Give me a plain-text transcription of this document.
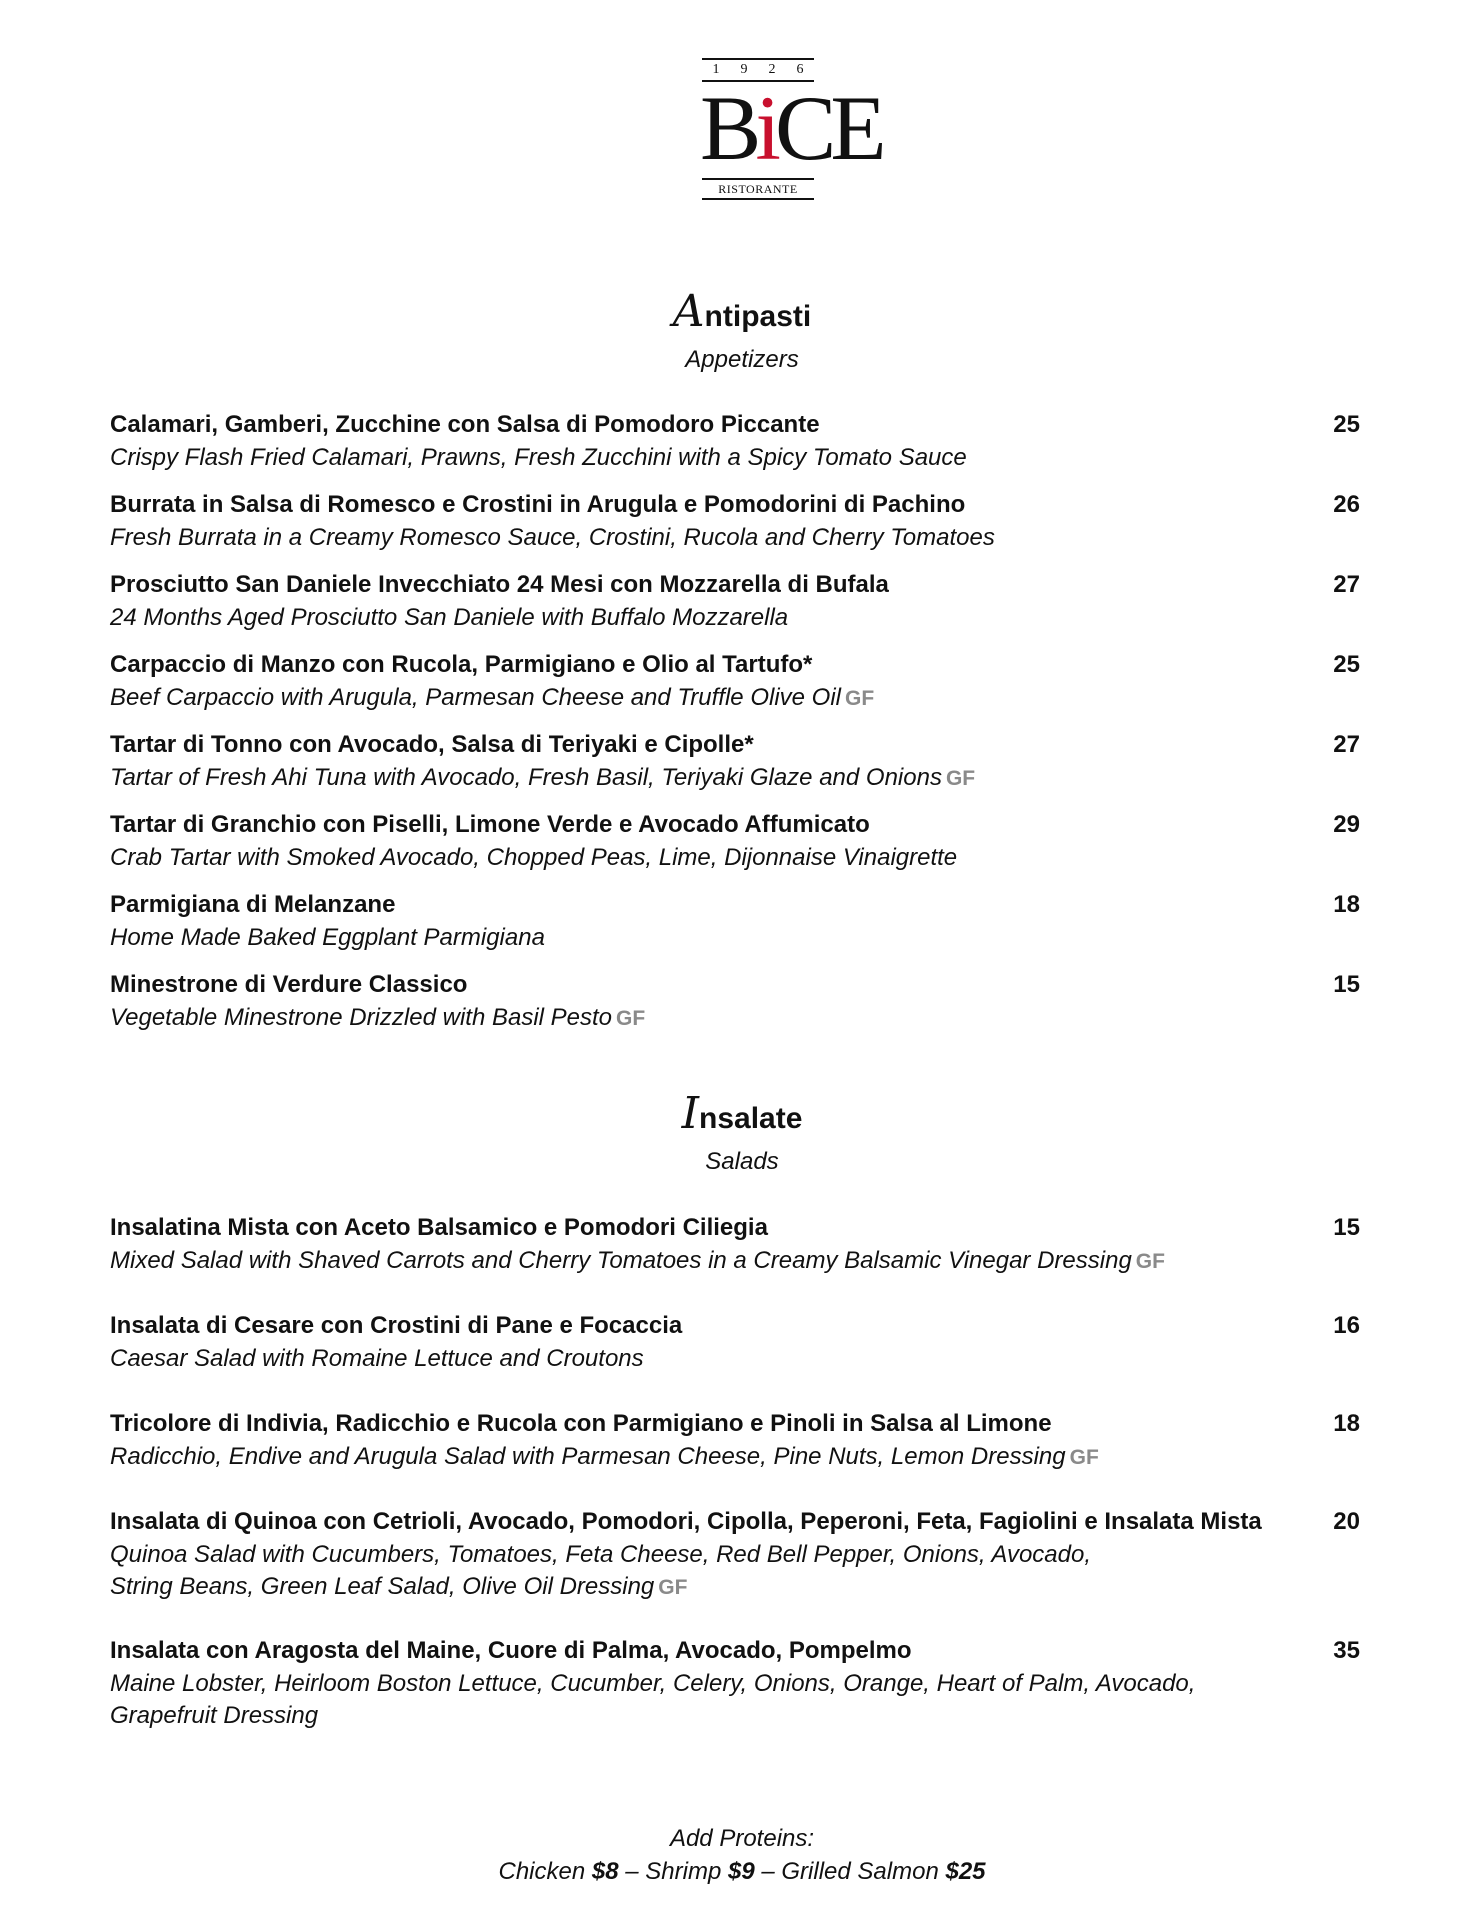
1 9 2 6
BiCE
RISTORANTE
Antipasti
Appetizers
Calamari, Gamberi, Zucchine con Salsa di Pomodoro Piccante
Crispy Flash Fried Calamari, Prawns, Fresh Zucchini with a Spicy Tomato Sauce
25
Burrata in Salsa di Romesco e Crostini in Arugula e Pomodorini di Pachino
Fresh Burrata in a Creamy Romesco Sauce, Crostini, Rucola and Cherry Tomatoes
26
Prosciutto San Daniele Invecchiato 24 Mesi con Mozzarella di Bufala
24 Months Aged Prosciutto San Daniele with Buffalo Mozzarella
27
Carpaccio di Manzo con Rucola, Parmigiano e Olio al Tartufo*
Beef Carpaccio with Arugula, Parmesan Cheese and Truffle Olive Oil GF
25
Tartar di Tonno con Avocado, Salsa di Teriyaki e Cipolle*
Tartar of Fresh Ahi Tuna with Avocado, Fresh Basil, Teriyaki Glaze and Onions GF
27
Tartar di Granchio con Piselli, Limone Verde e Avocado Affumicato
Crab Tartar with Smoked Avocado, Chopped Peas, Lime, Dijonnaise Vinaigrette
29
Parmigiana di Melanzane
Home Made Baked Eggplant Parmigiana
18
Minestrone di Verdure Classico
Vegetable Minestrone Drizzled with Basil Pesto GF
15
Insalate
Salads
Insalatina Mista con Aceto Balsamico e Pomodori Ciliegia
Mixed Salad with Shaved Carrots and Cherry Tomatoes in a Creamy Balsamic Vinegar Dressing GF
15
Insalata di Cesare con Crostini di Pane e Focaccia
Caesar Salad with Romaine Lettuce and Croutons
16
Tricolore di Indivia, Radicchio e Rucola con Parmigiano e Pinoli in Salsa al Limone
Radicchio, Endive and Arugula Salad with Parmesan Cheese, Pine Nuts, Lemon Dressing GF
18
Insalata di Quinoa con Cetrioli, Avocado, Pomodori, Cipolla, Peperoni, Feta, Fagiolini e Insalata Mista
Quinoa Salad with Cucumbers, Tomatoes, Feta Cheese, Red Bell Pepper, Onions, Avocado,
String Beans, Green Leaf Salad, Olive Oil Dressing GF
20
Insalata con Aragosta del Maine, Cuore di Palma, Avocado, Pompelmo
Maine Lobster, Heirloom Boston Lettuce, Cucumber, Celery, Onions, Orange, Heart of Palm, Avocado,
Grapefruit Dressing
35
Add Proteins:
Chicken $8 – Shrimp $9 – Grilled Salmon $25
